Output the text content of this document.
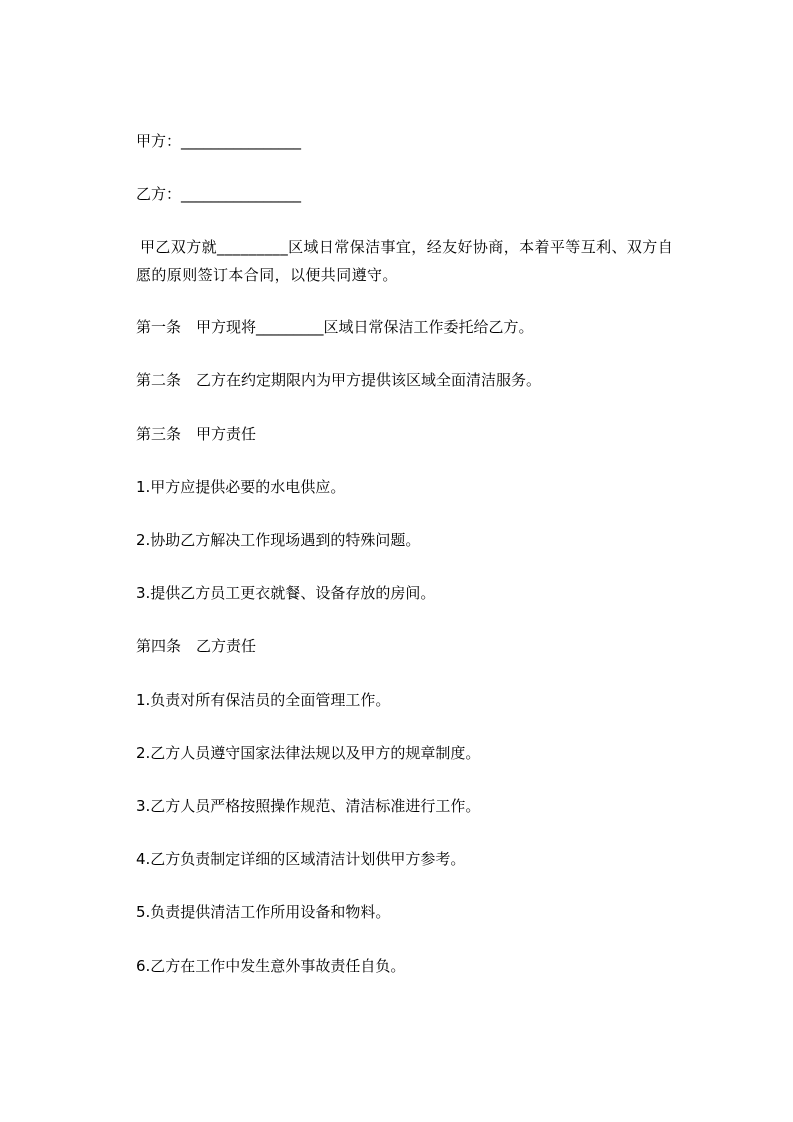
甲方：________________
乙方：________________
甲乙双方就_________区域日常保洁事宜，经友好协商，本着平等互利、双方自愿的原则签订本合同，以便共同遵守。
第一条　甲方现将_________区域日常保洁工作委托给乙方。
第二条　乙方在约定期限内为甲方提供该区域全面清洁服务。
第三条　甲方责任
1.甲方应提供必要的水电供应。
2.协助乙方解决工作现场遇到的特殊问题。
3.提供乙方员工更衣就餐、设备存放的房间。
第四条　乙方责任
1.负责对所有保洁员的全面管理工作。
2.乙方人员遵守国家法律法规以及甲方的规章制度。
3.乙方人员严格按照操作规范、清洁标准进行工作。
4.乙方负责制定详细的区域清洁计划供甲方参考。
5.负责提供清洁工作所用设备和物料。
6.乙方在工作中发生意外事故责任自负。
